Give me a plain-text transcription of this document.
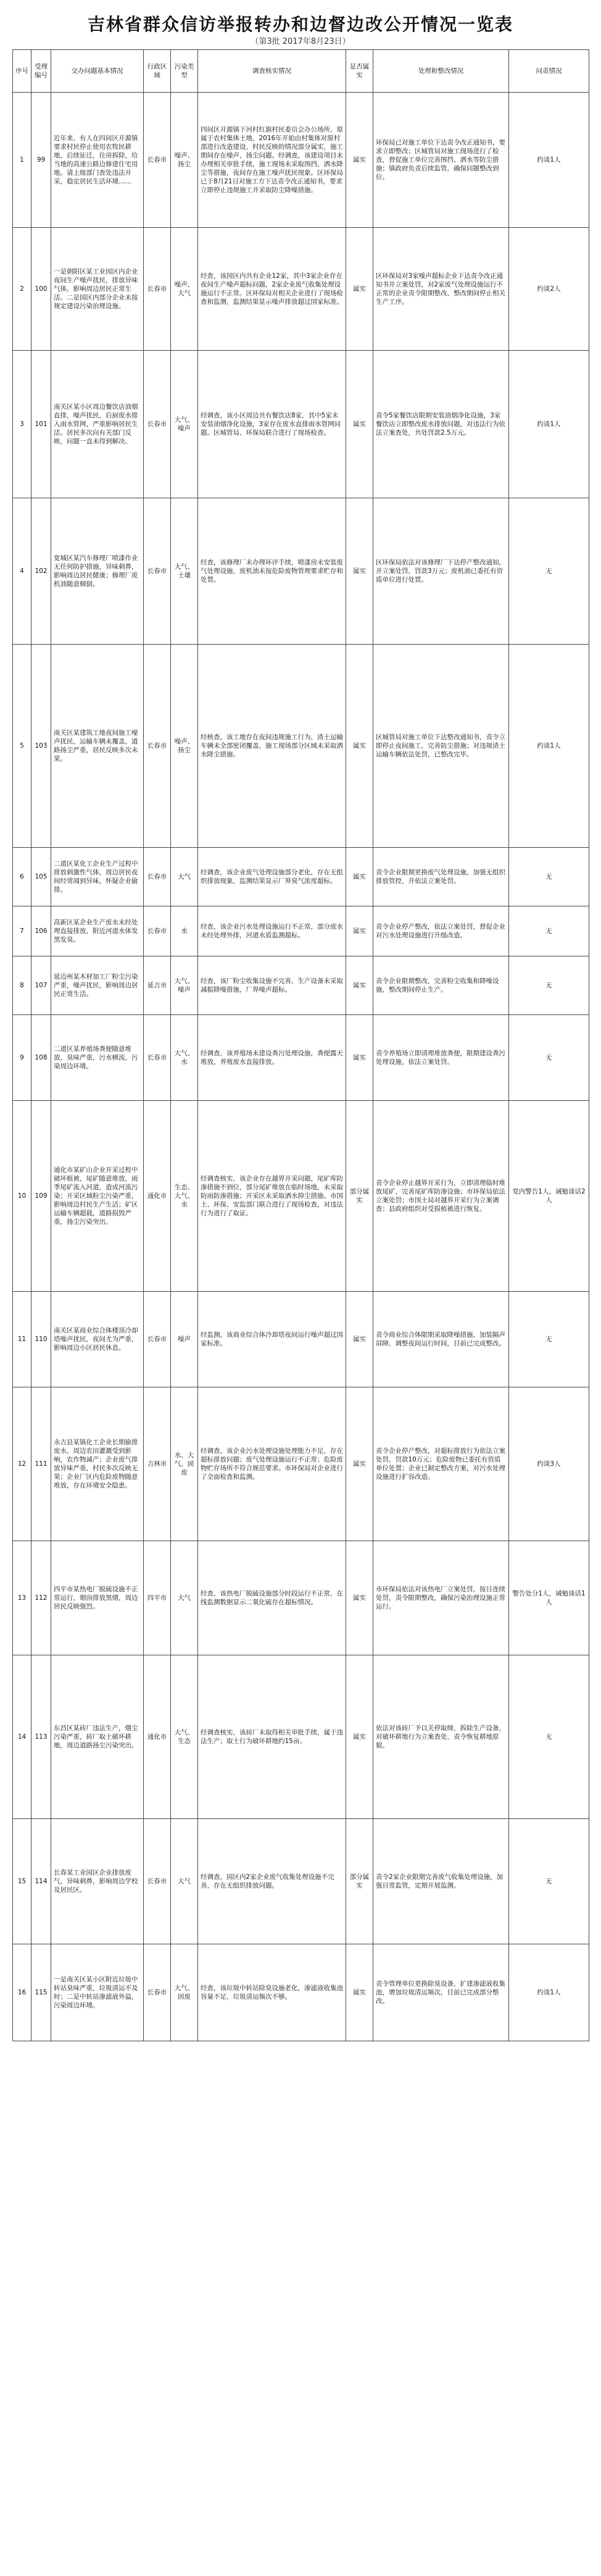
吉林省群众信访举报转办和边督边改公开情况一览表
（第3批 2017年8月23日）
序号	受理编号	交办问题基本情况	行政区域	污染类型	调查核实情况	是否属实	处理和整改情况	问责情况

1	99	近年来，有人在四间区开源镇要求村民停止使用农牧民耕地，后续征迁，住房拆除，给当地的高速公路边修建住宅用地。请上级部门查处违法开采，稳定居民生活环境……	长春市	噪声、扬尘	四间区开源镇下河村红旗村民委员会办公场所，原属于农村集体土地，2016年开始由村集体对原村部进行改造建设，村民反映的情况部分属实，施工期间存在噪声、扬尘问题。经调查，该建设项目未办理相关审批手续，施工现场未采取围挡、洒水降尘等措施，夜间存在施工噪声扰民现象。区环保局已于8月21日对施工方下达责令改正通知书，要求立即停止违规施工并采取防尘降噪措施。	属实	环保局已对施工单位下达责令改正通知书，要求立即整改；区城管局对施工现场进行了检查，督促施工单位完善围挡、洒水等防尘措施；镇政府负责后续监管，确保问题整改到位。	约谈1人

2	100	一是朝阳区某工业园区内企业夜间生产噪声扰民，排放异味气体，影响周边居民正常生活。二是园区内部分企业未按规定建设污染治理设施。	长春市	噪声、大气	经查，该园区内共有企业12家，其中3家企业存在夜间生产噪声超标问题，2家企业废气收集处理设施运行不正常。区环保局对相关企业进行了现场检查和监测，监测结果显示噪声排放超过国家标准。	属实	区环保局对3家噪声超标企业下达责令改正通知书并立案处罚，对2家废气处理设施运行不正常的企业责令限期整改，整改期间停止相关生产工序。	约谈2人

3	101	南关区某小区周边餐饮店油烟直排，噪声扰民，后厨废水排入雨水管网，严重影响居民生活。居民多次向有关部门反映，问题一直未得到解决。	长春市	大气、噪声	经调查，该小区周边共有餐饮店8家，其中5家未安装油烟净化设施，3家存在废水直排雨水管网问题。区城管局、环保局联合进行了现场检查。	属实	责令5家餐饮店限期安装油烟净化设施，3家餐饮店立即整改废水排放问题，对违法行为依法立案查处，共处罚款2.5万元。	约谈1人

4	102	宽城区某汽车修理厂喷漆作业无任何防护措施，异味刺鼻，影响周边居民健康；修理厂废机油随意倾倒。	长春市	大气、土壤	经查，该修理厂未办理环评手续，喷漆房未安装废气处理设施，废机油未按危险废物管理要求贮存和处置。	属实	区环保局依法对该修理厂下达停产整改通知，并立案处罚，罚款3万元；废机油已委托有资质单位进行处置。	无

5	103	南关区某建筑工地夜间施工噪声扰民，运输车辆未覆盖，道路扬尘严重，居民反映多次未果。	长春市	噪声、扬尘	经核查，该工地存在夜间违规施工行为，渣土运输车辆未全部密闭覆盖，施工现场部分区域未采取洒水降尘措施。	属实	区城管局对施工单位下达整改通知书，责令立即停止夜间施工，完善防尘措施；对违规渣土运输车辆依法处罚，已整改完毕。	约谈1人

6	105	二道区某化工企业生产过程中排放刺激性气体，周边居民夜间经常闻到异味，怀疑企业偷排。	长春市	大气	经调查，该企业废气处理设施部分老化，存在无组织排放现象，监测结果显示厂界臭气浓度超标。	属实	责令企业限期更换废气处理设施，加强无组织排放管控，并依法立案处罚。	无

7	106	高新区某企业生产废水未经处理直接排放，附近河道水体发黑发臭。	长春市	水	经查，该企业污水处理设施运行不正常，部分废水未经处理外排，河道水质监测超标。	属实	责令企业停产整改，依法立案处罚，督促企业对污水处理设施进行升级改造。	无

8	107	延边州某木材加工厂粉尘污染严重，噪声扰民，影响周边居民正常生活。	延吉市	大气、噪声	经查，该厂粉尘收集设施不完善，生产设备未采取减振降噪措施，厂界噪声超标。	属实	责令企业限期整改，完善粉尘收集和降噪设施，整改期间停止生产。	无

9	108	二道区某养殖场粪便随意堆放，臭味严重，污水横流，污染周边环境。	长春市	大气、水	经调查，该养殖场未建设粪污处理设施，粪便露天堆放，养殖废水直接排放。	属实	责令养殖场立即清理堆放粪便，限期建设粪污处理设施，依法立案处罚。	无

10	109	通化市某矿山企业开采过程中破坏植被，尾矿随意堆放，雨季尾矿流入河道，造成河流污染；开采区域粉尘污染严重，影响周边村民生产生活；矿区运输车辆超载，道路损毁严重，扬尘污染突出。	通化市	生态、大气、水	经调查核实，该企业存在越界开采问题，尾矿库防渗措施不到位，部分尾矿堆放在临时场地，未采取防雨防渗措施；开采区未采取洒水抑尘措施。市国土、环保、安监部门联合进行了现场检查，对违法行为进行了取证。	部分属实	责令企业停止越界开采行为，立即清理临时堆放尾矿，完善尾矿库防渗设施；市环保局依法立案处罚；市国土局对越界开采行为立案调查；县政府组织对受损植被进行恢复。	党内警告1人，诫勉谈话2人

11	110	南关区某商业综合体楼顶冷却塔噪声扰民，夜间尤为严重，影响周边小区居民休息。	长春市	噪声	经监测，该商业综合体冷却塔夜间运行噪声超过国家标准。	属实	责令商业综合体限期采取降噪措施，加装隔声屏障，调整夜间运行时间，目前已完成整改。	无

12	111	永吉县某镇化工企业长期偷排废水，周边农田灌溉受到影响，农作物减产；企业废气排放异味严重，村民多次反映无果；企业厂区内危险废物随意堆放，存在环境安全隐患。	吉林市	水、大气、固废	经调查，该企业污水处理设施处理能力不足，存在超标排放问题；废气处理设施运行不正常；危险废物贮存场所不符合规范要求。市环保局对企业进行了全面检查和监测。	属实	责令企业停产整改，对超标排放行为依法立案处罚，罚款10万元；危险废物已委托有资质单位处置；企业已制定整改方案，对污水处理设施进行扩容改造。	约谈3人

13	112	四平市某热电厂脱硫设施不正常运行，烟囱排放黑烟，周边居民反映强烈。	四平市	大气	经查，该热电厂脱硫设施部分时段运行不正常，在线监测数据显示二氧化硫存在超标情况。	属实	市环保局依法对该热电厂立案处罚，按日连续处罚，责令限期整改，确保污染治理设施正常运行。	警告处分1人，诫勉谈话1人

14	113	东昌区某砖厂违法生产，烟尘污染严重，砖厂取土破坏耕地，周边道路扬尘污染突出。	通化市	大气、生态	经调查核实，该砖厂未取得相关审批手续，属于违法生产；取土行为破坏耕地约15亩。	属实	依法对该砖厂予以关停取缔，拆除生产设备，对破坏耕地行为立案查处，责令恢复耕地原貌。	无

15	114	长春某工业园区企业排放废气，异味刺鼻，影响周边学校及居民区。	长春市	大气	经调查，园区内2家企业废气收集处理设施不完善，存在无组织排放问题。	部分属实	责令2家企业限期完善废气收集处理设施，加强日常监管，定期开展监测。	无

16	115	一是南关区某小区附近垃圾中转站臭味严重，垃圾清运不及时；二是中转站渗滤液外溢，污染周边环境。	长春市	大气、固废	经查，该垃圾中转站除臭设施老化，渗滤液收集池容量不足，垃圾清运频次不够。	属实	责令管理单位更换除臭设备，扩建渗滤液收集池，增加垃圾清运频次，目前已完成部分整改。	约谈1人
